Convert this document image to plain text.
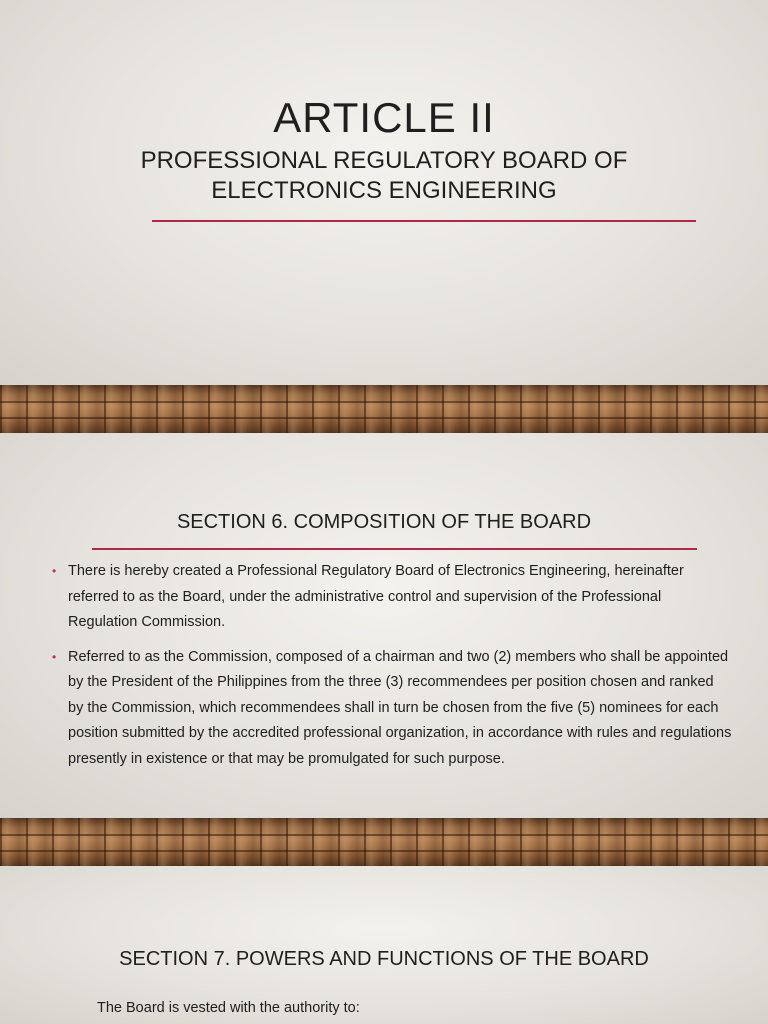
ARTICLE II
PROFESSIONAL REGULATORY BOARD OF
ELECTRONICS ENGINEERING
SECTION 6. COMPOSITION OF THE BOARD
• There is hereby created a Professional Regulatory Board of Electronics Engineering, hereinafter referred to as the Board, under the administrative control and supervision of the Professional Regulation Commission.
• Referred to as the Commission, composed of a chairman and two (2) members who shall be appointed by the President of the Philippines from the three (3) recommendees per position chosen and ranked by the Commission, which recommendees shall in turn be chosen from the five (5) nominees for each position submitted by the accredited professional organization, in accordance with rules and regulations presently in existence or that may be promulgated for such purpose.
SECTION 7. POWERS AND FUNCTIONS OF THE BOARD
The Board is vested with the authority to:
